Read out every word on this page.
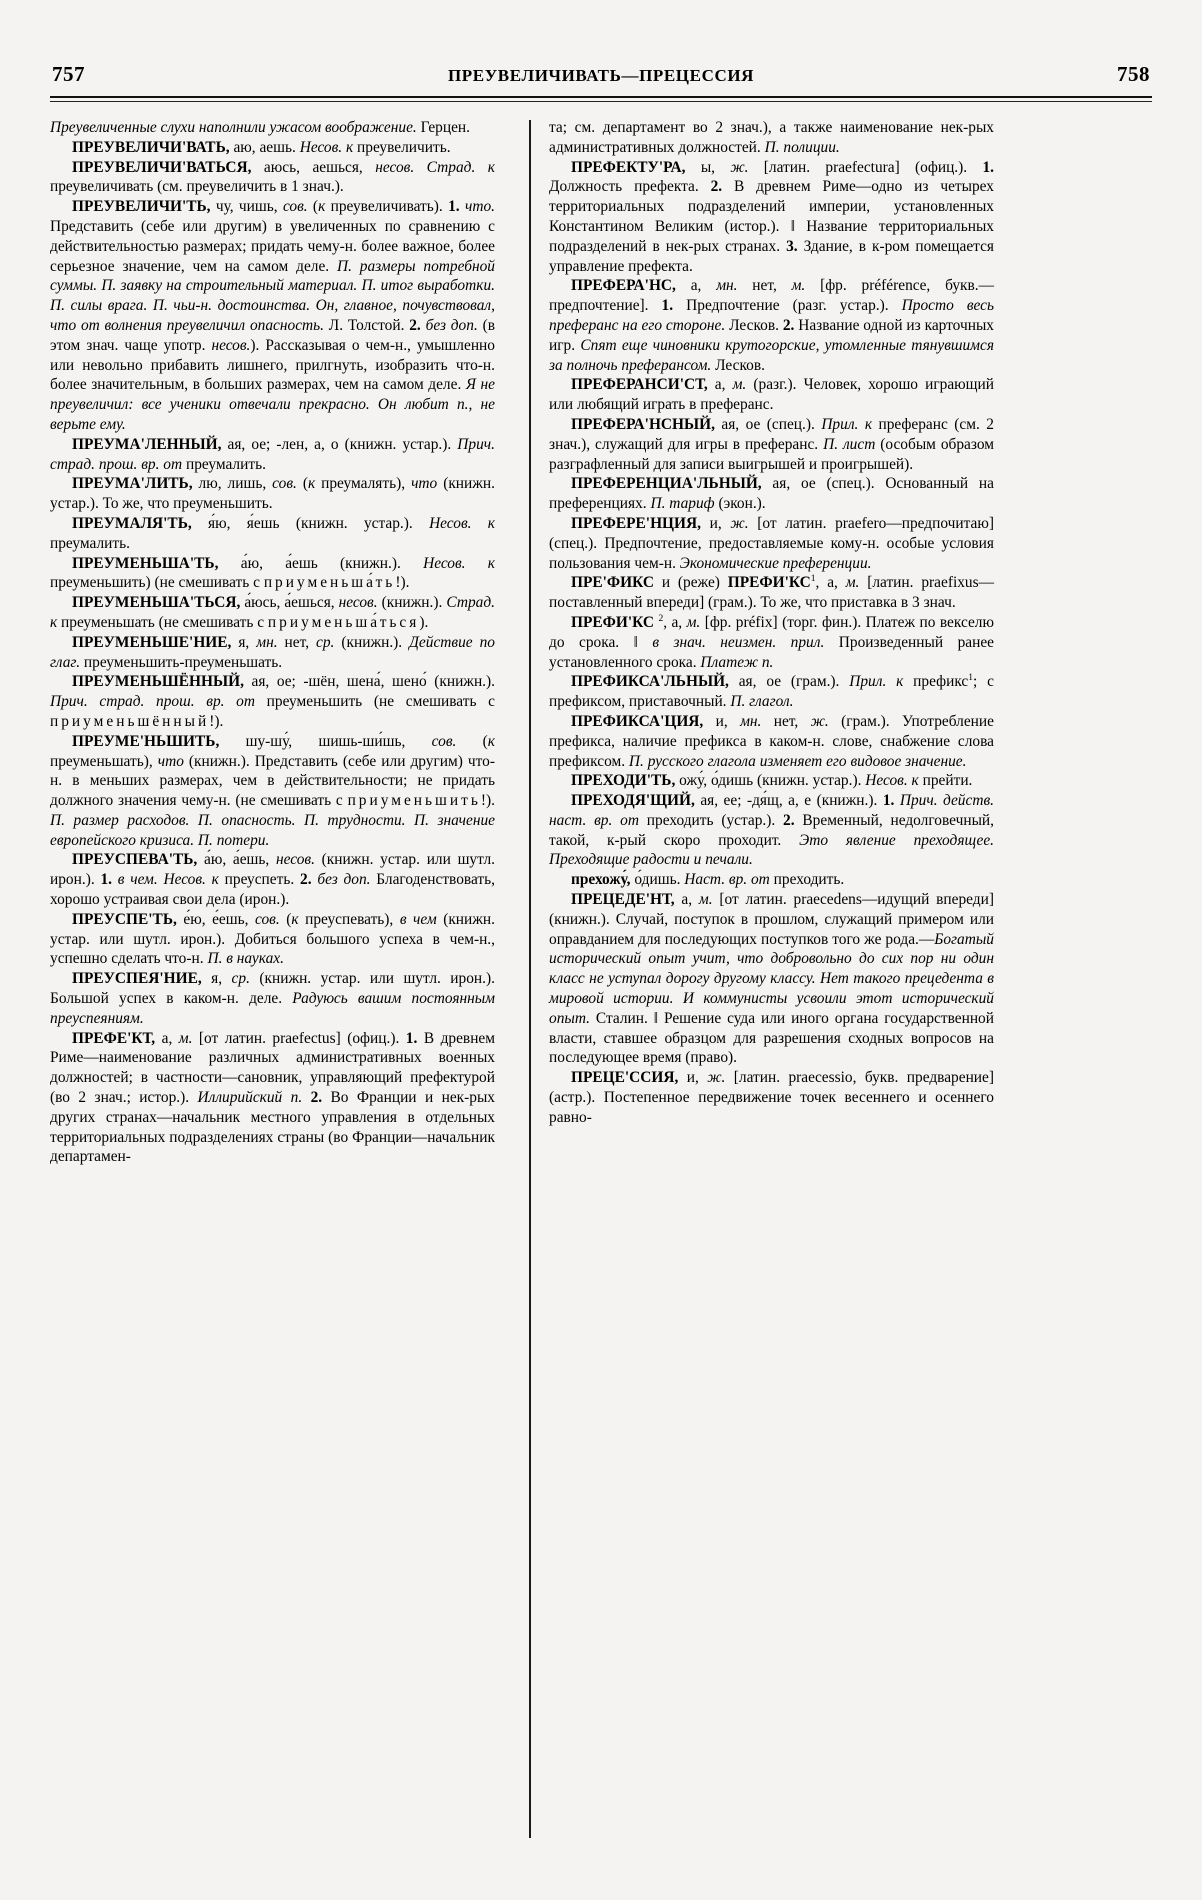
757	ПРЕУВЕЛИЧИВАТЬ—ПРЕЦЕССИЯ	758

Преувеличенные слухи наполнили ужасом воображение. Герцен.

ПРЕУВЕЛИЧИ'ВАТЬ, аю, аешь. Несов. к преувеличить.

ПРЕУВЕЛИЧИ'ВАТЬСЯ, аюсь, аешься, несов. Страд. к преувеличивать (см. преувеличить в 1 знач.).

ПРЕУВЕЛИЧИ'ТЬ, чу, чишь, сов. (к преувеличивать). 1. что. Представить (себе или другим) в увеличенных по сравнению с действительностью размерах; придать чему-н. более важное, более серьезное значение, чем на самом деле. П. размеры потребной суммы. П. заявку на строительный материал. П. итог выработки. П. силы врага. П. чьи-н. достоинства. Он, главное, почувствовал, что от волнения преувеличил опасность. Л. Толстой. 2. без доп. (в этом знач. чаще употр. несов.). Рассказывая о чем-н., умышленно или невольно прибавить лишнего, прилгнуть, изобразить что-н. более значительным, в больших размерах, чем на самом деле. Я не преувеличил: все ученики отвечали прекрасно. Он любит п., не верьте ему.

ПРЕУМА'ЛЕННЫЙ, ая, ое; -лен, а, о (книжн. устар.). Прич. страд. прош. вр. от преумалить.

ПРЕУМА'ЛИТЬ, лю, лишь, сов. (к преумалять), что (книжн. устар.). То же, что преуменьшить.

ПРЕУМАЛЯ'ТЬ, я́ю, я́ешь (книжн. устар.). Несов. к преумалить.

ПРЕУМЕНЬША'ТЬ, а́ю, а́ешь (книжн.). Несов. к преуменьшить) (не смешивать с приуменьша́ть!).

ПРЕУМЕНЬША'ТЬСЯ, а́юсь, а́ешься, несов. (книжн.). Страд. к преуменьшать (не смешивать с приуменьша́ться).

ПРЕУМЕНЬШЕ'НИЕ, я, мн. нет, ср. (книжн.). Действие по глаг. преуменьшить-преуменьшать.

ПРЕУМЕНЬШЁННЫЙ, ая, ое; -шён, шена́, шено́ (книжн.). Прич. страд. прош. вр. от преуменьшить (не смешивать с приуменьшённый!).

ПРЕУМЕ'НЬШИТЬ, шу-шу́, шишь-ши́шь, сов. (к преуменьшать), что (книжн.). Представить (себе или другим) что-н. в меньших размерах, чем в действительности; не придать должного значения чему-н. (не смешивать с приуменьшить!). П. размер расходов. П. опасность. П. трудности. П. значение европейского кризиса. П. потери.

ПРЕУСПЕВА'ТЬ, а́ю, а́ешь, несов. (книжн. устар. или шутл. ирон.). 1. в чем. Несов. к преуспеть. 2. без доп. Благоденствовать, хорошо устраивая свои дела (ирон.).

ПРЕУСПЕ'ТЬ, е́ю, е́ешь, сов. (к преуспевать), в чем (книжн. устар. или шутл. ирон.). Добиться большого успеха в чем-н., успешно сделать что-н. П. в науках.

ПРЕУСПЕЯ'НИЕ, я, ср. (книжн. устар. или шутл. ирон.). Большой успех в каком-н. деле. Радуюсь вашим постоянным преуспеяниям.

ПРЕФЕ'КТ, а, м. [от латин. praefectus] (офиц.). 1. В древнем Риме—наименование различных административных военных должностей; в частности—сановник, управляющий префектурой (во 2 знач.; истор.). Иллирийский п. 2. Во Франции и нек-рых других странах—начальник местного управления в отдельных территориальных подразделениях страны (во Франции—начальник департамен-

та; см. департамент во 2 знач.), а также наименование нек-рых административных должностей. П. полиции.

ПРЕФЕКТУ'РА, ы, ж. [латин. praefectura] (офиц.). 1. Должность префекта. 2. В древнем Риме—одно из четырех территориальных подразделений империи, установленных Константином Великим (истор.). ‖ Название территориальных подразделений в нек-рых странах. 3. Здание, в к-ром помещается управление префекта.

ПРЕФЕРА'НС, а, мн. нет, м. [фр. préférence, букв.—предпочтение]. 1. Предпочтение (разг. устар.). Просто весь преферанс на его стороне. Лесков. 2. Название одной из карточных игр. Спят еще чиновники крутогорские, утомленные тянувшимся за полночь преферансом. Лесков.

ПРЕФЕРАНСИ'СТ, а, м. (разг.). Человек, хорошо играющий или любящий играть в преферанс.

ПРЕФЕРА'НСНЫЙ, ая, ое (спец.). Прил. к преферанс (см. 2 знач.), служащий для игры в преферанс. П. лист (особым образом разграфленный для записи выигрышей и проигрышей).

ПРЕФЕРЕНЦИА'ЛЬНЫЙ, ая, ое (спец.). Основанный на преференциях. П. тариф (экон.).

ПРЕФЕРЕ'НЦИЯ, и, ж. [от латин. praefero—предпочитаю] (спец.). Предпочтение, предоставляемые кому-н. особые условия пользования чем-н. Экономические преференции.

ПРЕ'ФИКС и (реже) $ПРЕФИ'КС^1$, а, м. [латин. praefixus—поставленный впереди] (грам.). То же, что приставка в 3 знач.

ПРЕФИ'КС $^2$, а, м. [фр. préfix] (торг. фин.). Платеж по векселю до срока. ‖ в знач. неизмен. прил. Произведенный ранее установленного срока. Платеж п.

ПРЕФИКСА'ЛЬНЫЙ, ая, ое (грам.). Прил. к префикс$^1$; с префиксом, приставочный. П. глагол.

ПРЕФИКСА'ЦИЯ, и, мн. нет, ж. (грам.). Употребление префикса, наличие префикса в каком-н. слове, снабжение слова префиксом. П. русского глагола изменяет его видовое значение.

ПРЕХОДИ'ТЬ, ожу́, о́дишь (книжн. устар.). Несов. к прейти.

ПРЕХОДЯ'ЩИЙ, ая, ее; -дя́щ, а, е (книжн.). 1. Прич. действ. наст. вр. от преходить (устар.). 2. Временный, недолговечный, такой, к-рый скоро проходит. Это явление преходящее. Преходящие радости и печали.

прехожу́, о́дишь. Наст. вр. от преходить.

ПРЕЦЕДЕ'НТ, а, м. [от латин. praecedens—идущий впереди] (книжн.). Случай, поступок в прошлом, служащий примером или оправданием для последующих поступков того же рода.—Богатый исторический опыт учит, что добровольно до сих пор ни один класс не уступал дорогу другому классу. Нет такого прецедента в мировой истории. И коммунисты усвоили этот исторический опыт. Сталин. ‖ Решение суда или иного органа государственной власти, ставшее образцом для разрешения сходных вопросов на последующее время (право).

ПРЕЦЕ'ССИЯ, и, ж. [латин. praecessio, букв. предварение] (астр.). Постепенное передвижение точек весеннего и осеннего равно-
